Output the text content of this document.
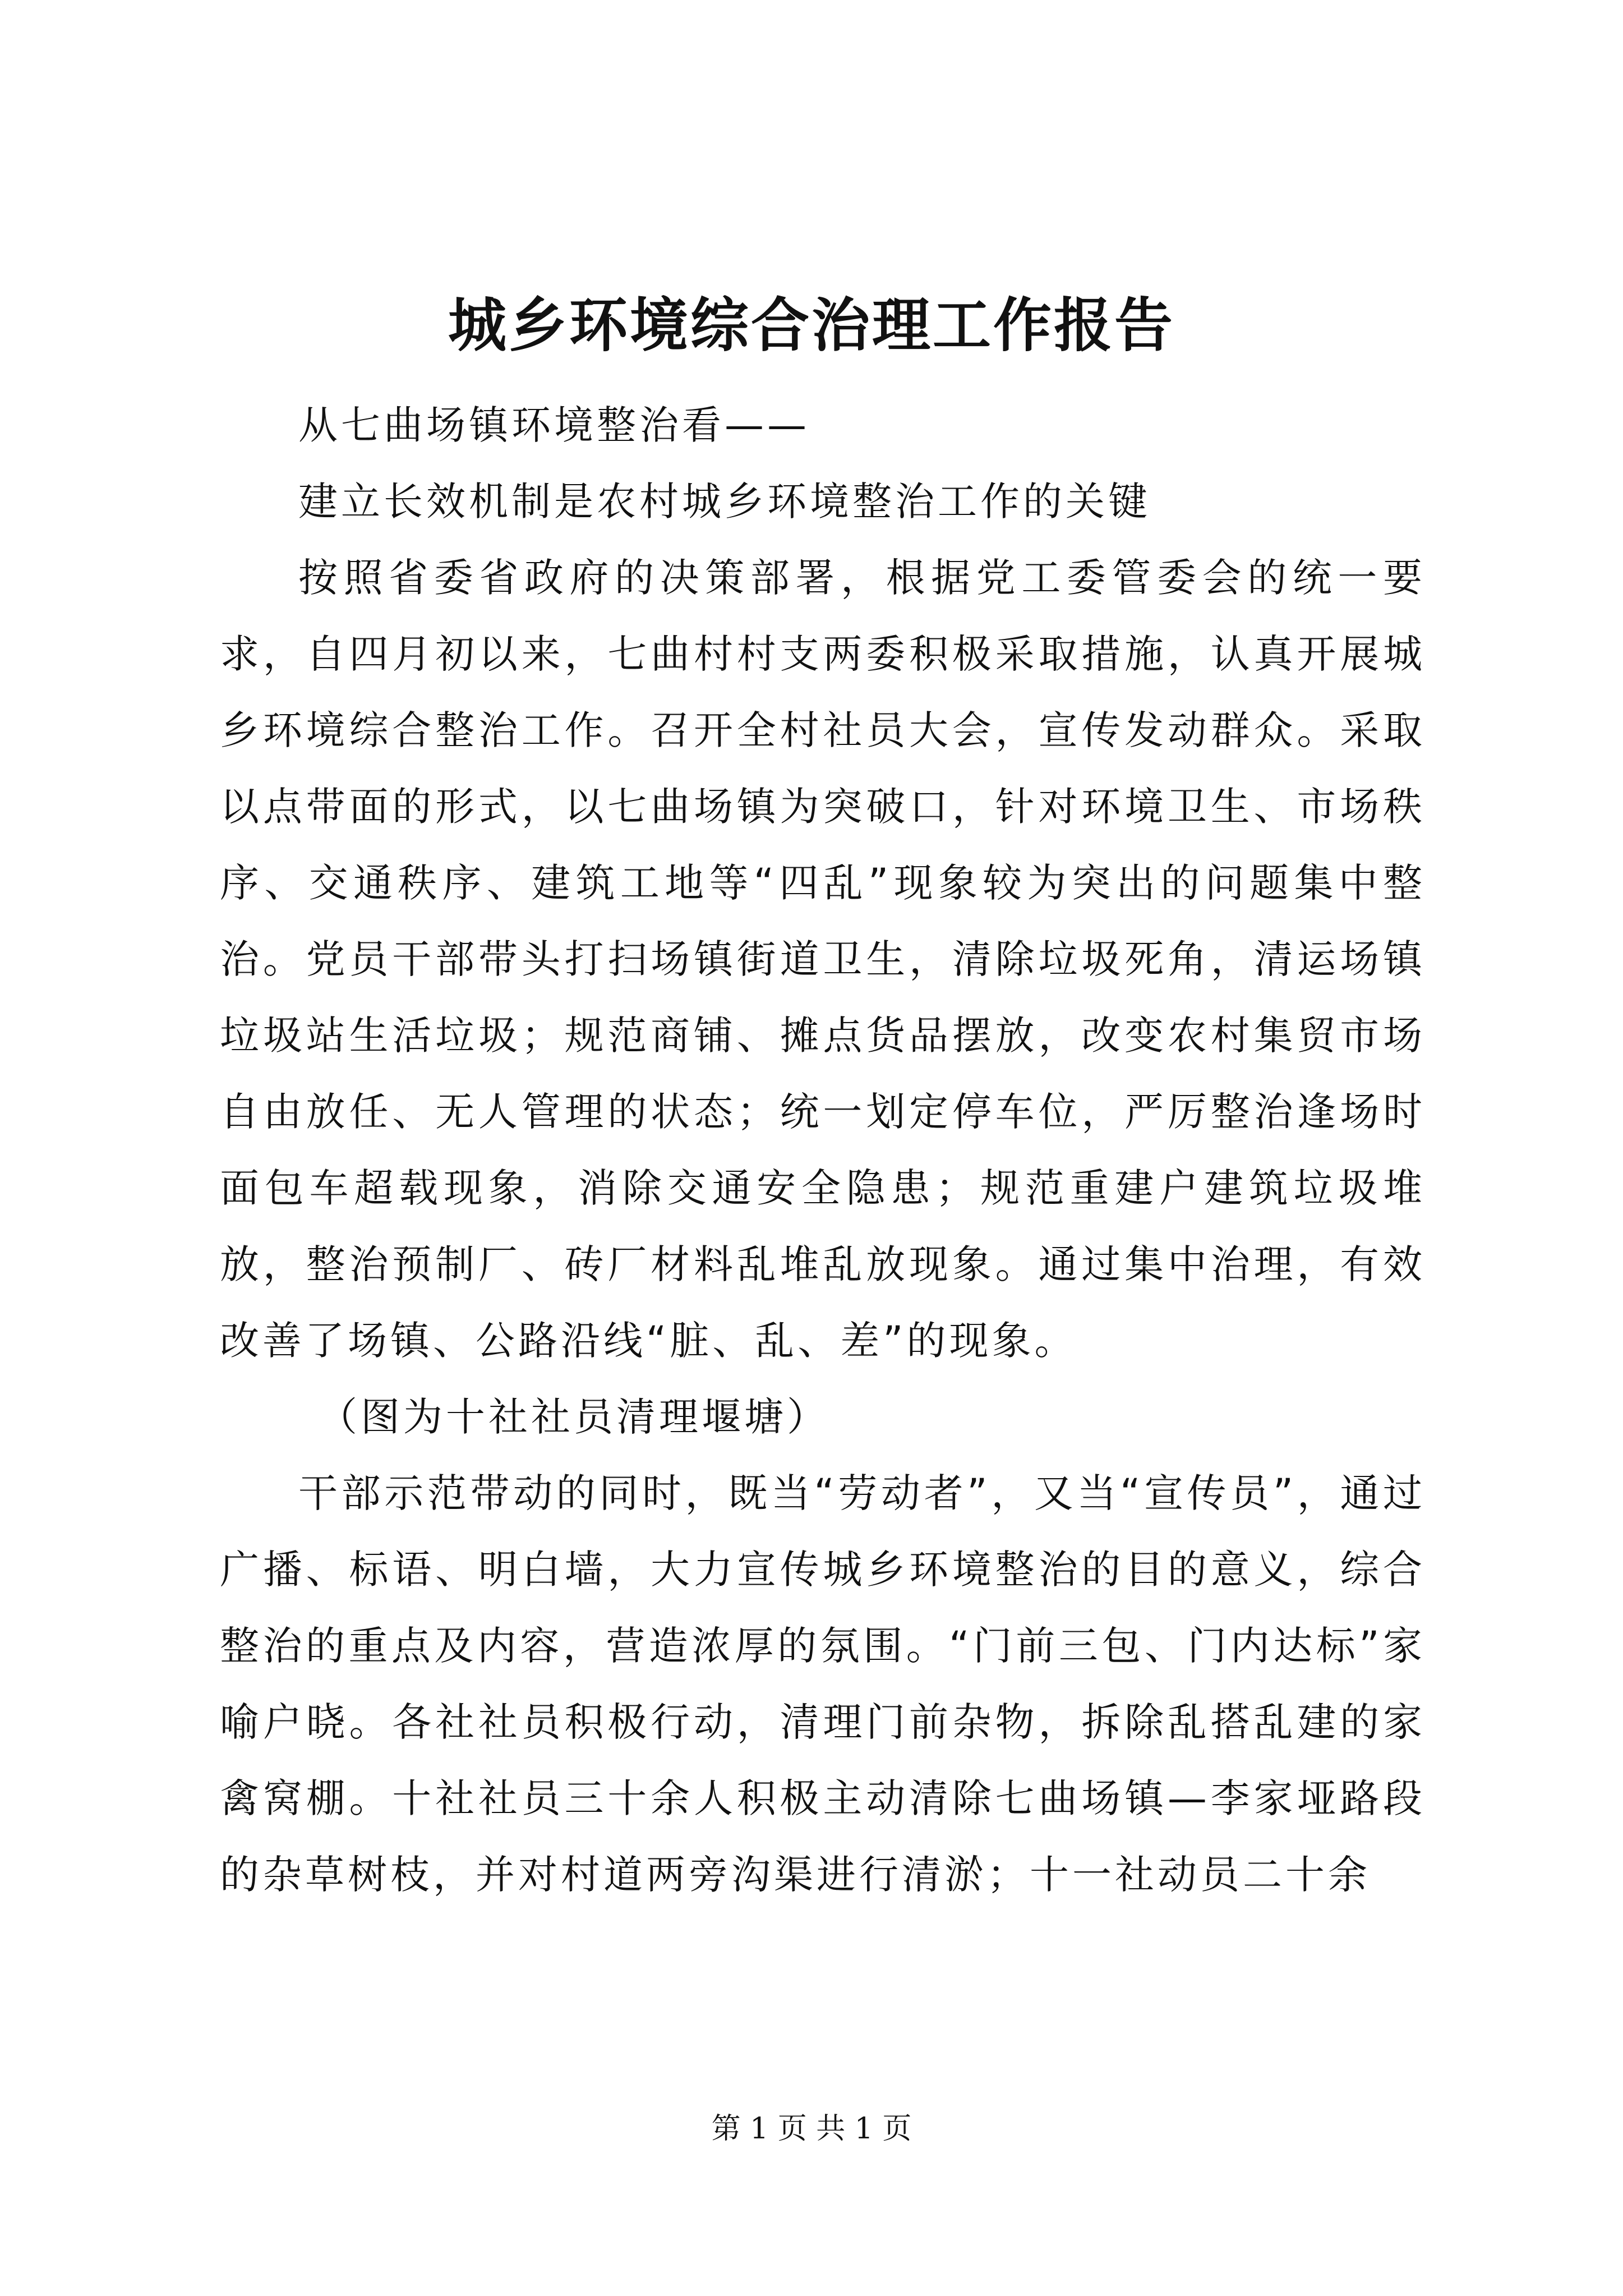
城乡环境综合治理工作报告

从七曲场镇环境整治看——

建立长效机制是农村城乡环境整治工作的关键

按照省委省政府的决策部署，根据党工委管委会的统一要求，自四月初以来，七曲村村支两委积极采取措施，认真开展城乡环境综合整治工作。召开全村社员大会，宣传发动群众。采取以点带面的形式，以七曲场镇为突破口，针对环境卫生、市场秩序、交通秩序、建筑工地等“四乱”现象较为突出的问题集中整治。党员干部带头打扫场镇街道卫生，清除垃圾死角，清运场镇垃圾站生活垃圾；规范商铺、摊点货品摆放，改变农村集贸市场自由放任、无人管理的状态；统一划定停车位，严厉整治逢场时面包车超载现象，消除交通安全隐患；规范重建户建筑垃圾堆放，整治预制厂、砖厂材料乱堆乱放现象。通过集中治理，有效改善了场镇、公路沿线“脏、乱、差”的现象。

（图为十社社员清理堰塘）

干部示范带动的同时，既当“劳动者”，又当“宣传员”，通过广播、标语、明白墙，大力宣传城乡环境整治的目的意义，综合整治的重点及内容，营造浓厚的氛围。“门前三包、门内达标”家喻户晓。各社社员积极行动，清理门前杂物，拆除乱搭乱建的家禽窝棚。十社社员三十余人积极主动清除七曲场镇—李家垭路段的杂草树枝，并对村道两旁沟渠进行清淤；十一社动员二十余

第 1 页 共 1 页
